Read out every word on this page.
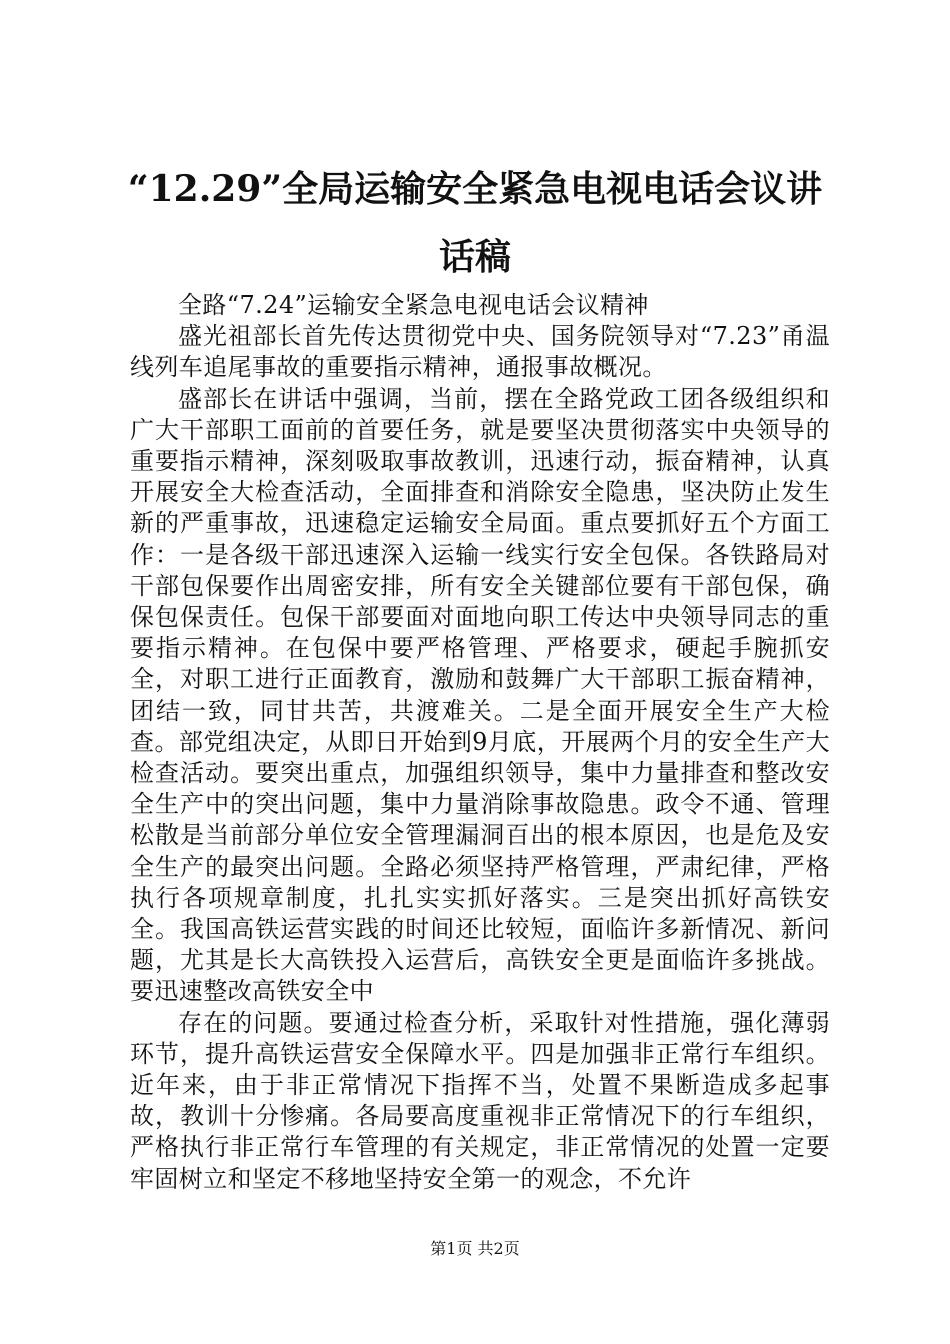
“12.29”全局运输安全紧急电视电话会议讲话稿

全路“7.24”运输安全紧急电视电话会议精神

盛光祖部长首先传达贯彻党中央、国务院领导对“7.23”甬温线列车追尾事故的重要指示精神，通报事故概况。

盛部长在讲话中强调，当前，摆在全路党政工团各级组织和广大干部职工面前的首要任务，就是要坚决贯彻落实中央领导的重要指示精神，深刻吸取事故教训，迅速行动，振奋精神，认真开展安全大检查活动，全面排查和消除安全隐患，坚决防止发生新的严重事故，迅速稳定运输安全局面。重点要抓好五个方面工作：一是各级干部迅速深入运输一线实行安全包保。各铁路局对干部包保要作出周密安排，所有安全关键部位要有干部包保，确保包保责任。包保干部要面对面地向职工传达中央领导同志的重要指示精神。在包保中要严格管理、严格要求，硬起手腕抓安全，对职工进行正面教育，激励和鼓舞广大干部职工振奋精神，团结一致，同甘共苦，共渡难关。二是全面开展安全生产大检查。部党组决定，从即日开始到9月底，开展两个月的安全生产大检查活动。要突出重点，加强组织领导，集中力量排查和整改安全生产中的突出问题，集中力量消除事故隐患。政令不通、管理松散是当前部分单位安全管理漏洞百出的根本原因，也是危及安全生产的最突出问题。全路必须坚持严格管理，严肃纪律，严格执行各项规章制度，扎扎实实抓好落实。三是突出抓好高铁安全。我国高铁运营实践的时间还比较短，面临许多新情况、新问题，尤其是长大高铁投入运营后，高铁安全更是面临许多挑战。要迅速整改高铁安全中

存在的问题。要通过检查分析，采取针对性措施，强化薄弱环节，提升高铁运营安全保障水平。四是加强非正常行车组织。近年来，由于非正常情况下指挥不当，处置不果断造成多起事故，教训十分惨痛。各局要高度重视非正常情况下的行车组织，严格执行非正常行车管理的有关规定，非正常情况的处置一定要牢固树立和坚定不移地坚持安全第一的观念，不允许

第1页 共2页
